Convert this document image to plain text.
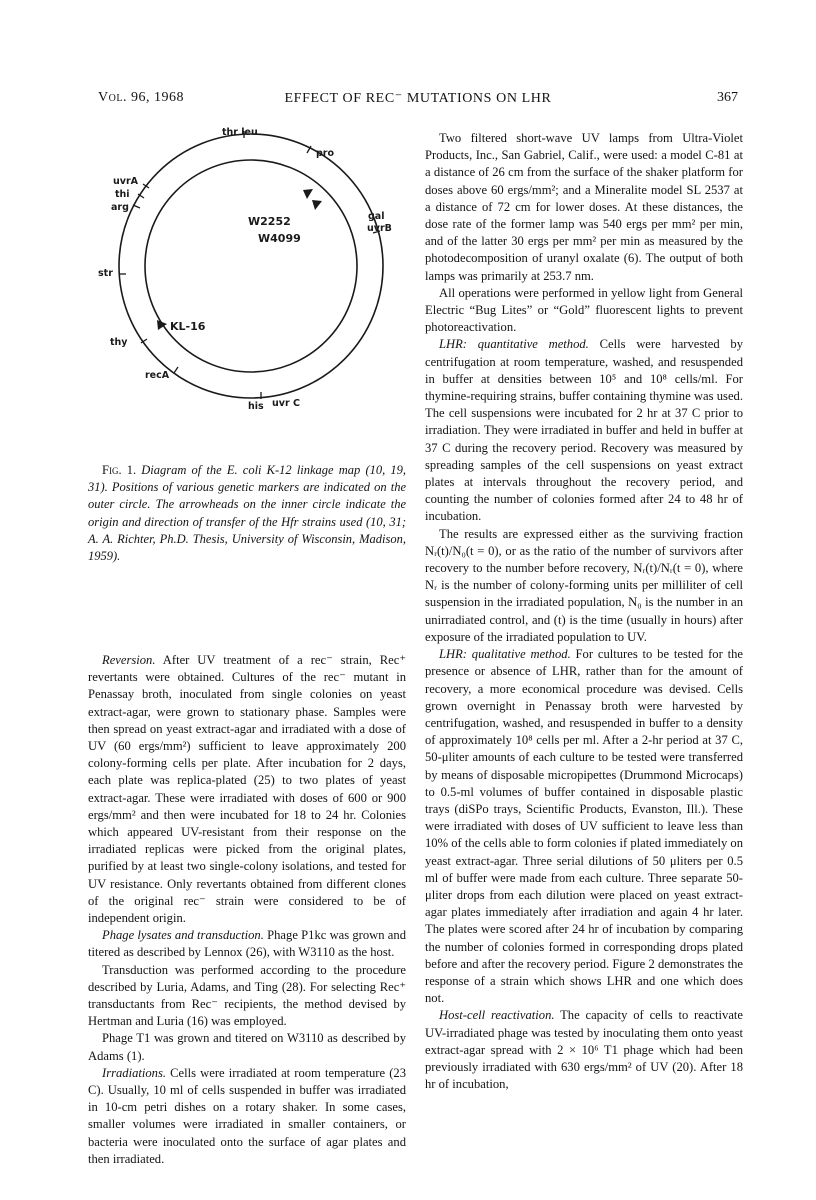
Vol. 96, 1968	EFFECT OF REC⁻ MUTATIONS ON LHR	367
thr leu
pro
uvrA
thi
arg
gal
uvrB
str
thy
recA
his uvr C
W2252
W4099
KL-16

Fig. 1. Diagram of the E. coli K-12 linkage map (10, 19, 31). Positions of various genetic markers are indicated on the outer circle. The arrowheads on the inner circle indicate the origin and direction of transfer of the Hfr strains used (10, 31; A. A. Richter, Ph.D. Thesis, University of Wisconsin, Madison, 1959).

Reversion. After UV treatment of a rec⁻ strain, Rec⁺ revertants were obtained. Cultures of the rec⁻ mutant in Penassay broth, inoculated from single colonies on yeast extract-agar, were grown to stationary phase. Samples were then spread on yeast extract-agar and irradiated with a dose of UV (60 ergs/mm²) sufficient to leave approximately 200 colony-forming cells per plate. After incubation for 2 days, each plate was replica-plated (25) to two plates of yeast extract-agar. These were irradiated with doses of 600 or 900 ergs/mm² and then were incubated for 18 to 24 hr. Colonies which appeared UV-resistant from their response on the irradiated replicas were picked from the original plates, purified by at least two single-colony isolations, and tested for UV resistance. Only revertants obtained from different clones of the original rec⁻ strain were considered to be of independent origin.

Phage lysates and transduction. Phage P1kc was grown and titered as described by Lennox (26), with W3110 as the host.

Transduction was performed according to the procedure described by Luria, Adams, and Ting (28). For selecting Rec⁺ transductants from Rec⁻ recipients, the method devised by Hertman and Luria (16) was employed.

Phage T1 was grown and titered on W3110 as described by Adams (1).

Irradiations. Cells were irradiated at room temperature (23 C). Usually, 10 ml of cells suspended in buffer was irradiated in 10-cm petri dishes on a rotary shaker. In some cases, smaller volumes were irradiated in smaller containers, or bacteria were inoculated onto the surface of agar plates and then irradiated.

Two filtered short-wave UV lamps from Ultra-Violet Products, Inc., San Gabriel, Calif., were used: a model C-81 at a distance of 26 cm from the surface of the shaker platform for doses above 60 ergs/mm²; and a Mineralite model SL 2537 at a distance of 72 cm for lower doses. At these distances, the dose rate of the former lamp was 540 ergs per mm² per min, and of the latter 30 ergs per mm² per min as measured by the photodecomposition of uranyl oxalate (6). The output of both lamps was primarily at 253.7 nm.

All operations were performed in yellow light from General Electric “Bug Lites” or “Gold” fluorescent lights to prevent photoreactivation.

LHR: quantitative method. Cells were harvested by centrifugation at room temperature, washed, and resuspended in buffer at densities between 10⁵ and 10⁸ cells/ml. For thymine-requiring strains, buffer containing thymine was used. The cell suspensions were incubated for 2 hr at 37 C prior to irradiation. They were irradiated in buffer and held in buffer at 37 C during the recovery period. Recovery was measured by spreading samples of the cell suspensions on yeast extract plates at intervals throughout the recovery period, and counting the number of colonies formed after 24 to 48 hr of incubation.

The results are expressed either as the surviving fraction Nᵣ(t)/N₀(t = 0), or as the ratio of the number of survivors after recovery to the number before recovery, Nᵣ(t)/Nᵣ(t = 0), where Nᵣ is the number of colony-forming units per milliliter of cell suspension in the irradiated population, N₀ is the number in an unirradiated control, and (t) is the time (usually in hours) after exposure of the irradiated population to UV.

LHR: qualitative method. For cultures to be tested for the presence or absence of LHR, rather than for the amount of recovery, a more economical procedure was devised. Cells grown overnight in Penassay broth were harvested by centrifugation, washed, and resuspended in buffer to a density of approximately 10⁸ cells per ml. After a 2-hr period at 37 C, 50-μliter amounts of each culture to be tested were transferred by means of disposable micropipettes (Drummond Microcaps) to 0.5-ml volumes of buffer contained in disposable plastic trays (diSPo trays, Scientific Products, Evanston, Ill.). These were irradiated with doses of UV sufficient to leave less than 10% of the cells able to form colonies if plated immediately on yeast extract-agar. Three serial dilutions of 50 μliters per 0.5 ml of buffer were made from each culture. Three separate 50-μliter drops from each dilution were placed on yeast extract-agar plates immediately after irradiation and again 4 hr later. The plates were scored after 24 hr of incubation by comparing the number of colonies formed in corresponding drops plated before and after the recovery period. Figure 2 demonstrates the response of a strain which shows LHR and one which does not.

Host-cell reactivation. The capacity of cells to reactivate UV-irradiated phage was tested by inoculating them onto yeast extract-agar spread with 2 × 10⁶ T1 phage which had been previously irradiated with 630 ergs/mm² of UV (20). After 18 hr of incubation,
